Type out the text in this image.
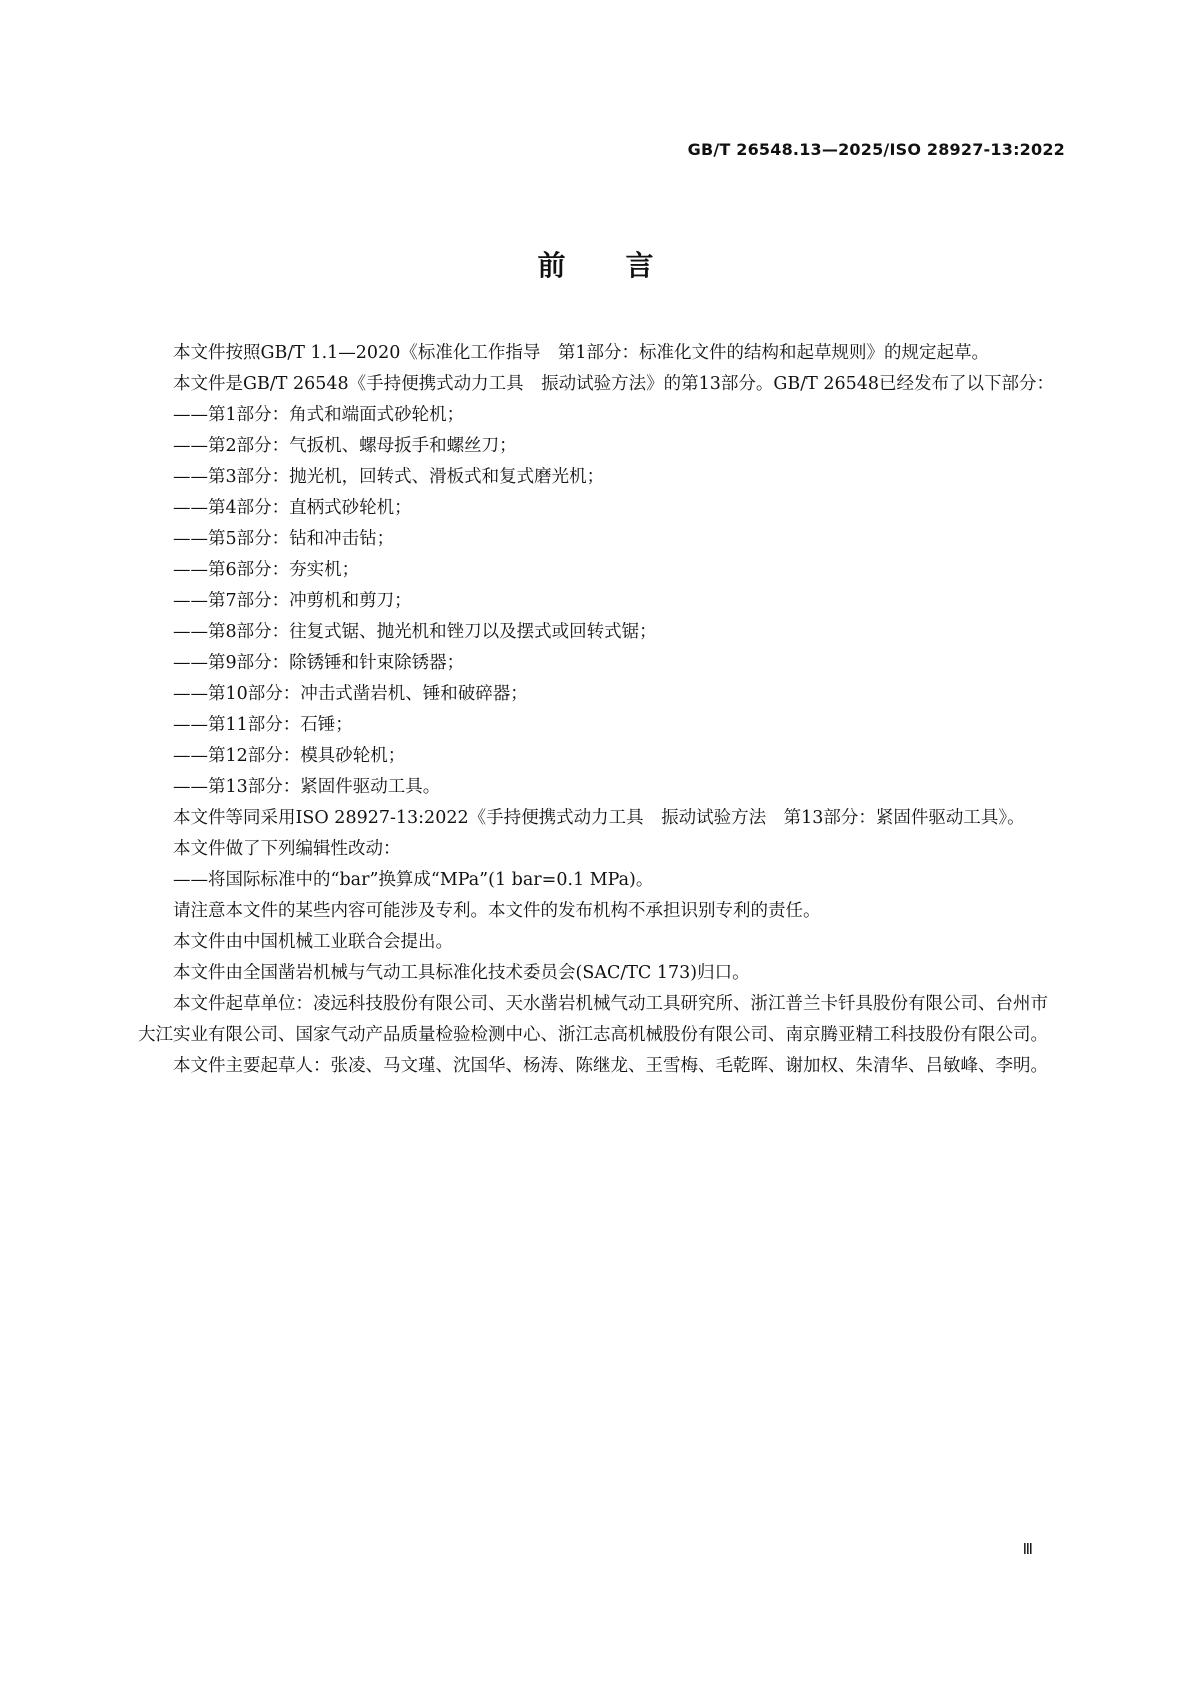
GB/T 26548.13—2025/ISO 28927-13:2022
前言

本文件按照GB/T 1.1—2020《标准化工作指导　第1部分：标准化文件的结构和起草规则》的规定起草。

本文件是GB/T 26548《手持便携式动力工具　振动试验方法》的第13部分。GB/T 26548已经发布了以下部分：

——第1部分：角式和端面式砂轮机；

——第2部分：气扳机、螺母扳手和螺丝刀；

——第3部分：抛光机，回转式、滑板式和复式磨光机；

——第4部分：直柄式砂轮机；

——第5部分：钻和冲击钻；

——第6部分：夯实机；

——第7部分：冲剪机和剪刀；

——第8部分：往复式锯、抛光机和锉刀以及摆式或回转式锯；

——第9部分：除锈锤和针束除锈器；

——第10部分：冲击式凿岩机、锤和破碎器；

——第11部分：石锤；

——第12部分：模具砂轮机；

——第13部分：紧固件驱动工具。

本文件等同采用ISO 28927-13:2022《手持便携式动力工具　振动试验方法　第13部分：紧固件驱动工具》。

本文件做了下列编辑性改动：

——将国际标准中的“bar”换算成“MPa”(1 bar=0.1 MPa)。

请注意本文件的某些内容可能涉及专利。本文件的发布机构不承担识别专利的责任。

本文件由中国机械工业联合会提出。

本文件由全国凿岩机械与气动工具标准化技术委员会(SAC/TC 173)归口。

本文件起草单位：凌远科技股份有限公司、天水凿岩机械气动工具研究所、浙江普兰卡钎具股份有限公司、台州市大江实业有限公司、国家气动产品质量检验检测中心、浙江志高机械股份有限公司、南京腾亚精工科技股份有限公司。

本文件主要起草人：张凌、马文瑾、沈国华、杨涛、陈继龙、王雪梅、毛乾晖、谢加权、朱清华、吕敏峰、李明。

Ⅲ
